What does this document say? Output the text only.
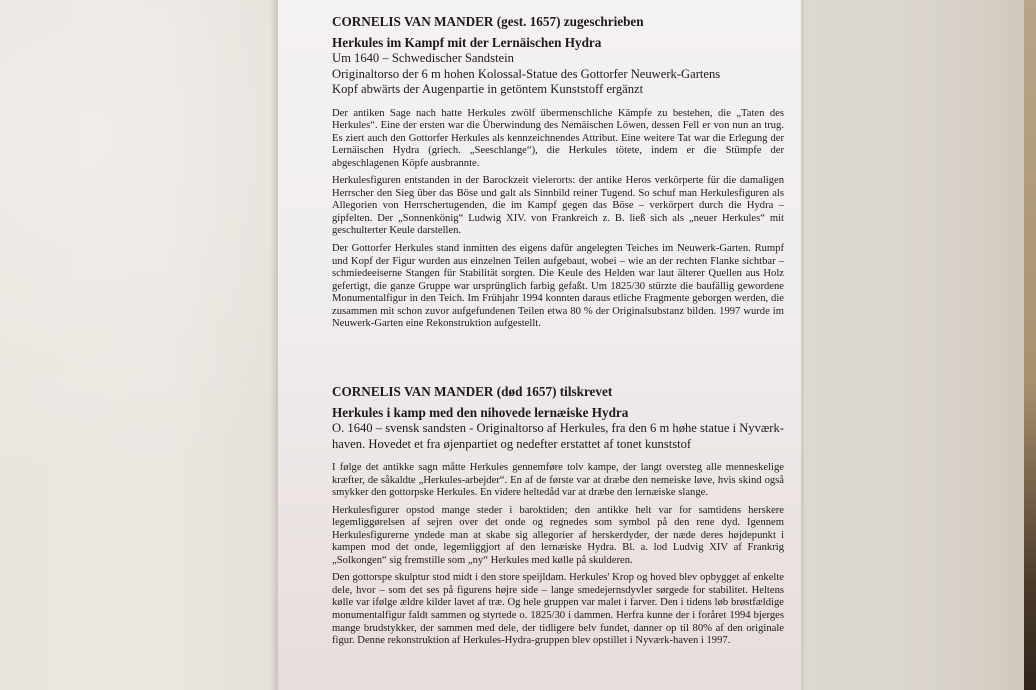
CORNELIS VAN MANDER (gest. 1657) zugeschrieben
Herkules im Kampf mit der Lernäischen Hydra
Um 1640 – Schwedischer Sandstein
Originaltorso der 6 m hohen Kolossal-Statue des Gottorfer Neuwerk-Gartens
Kopf abwärts der Augenpartie in getöntem Kunststoff ergänzt

Der antiken Sage nach hatte Herkules zwölf übermenschliche Kämpfe zu bestehen, die „Taten des Herkules“. Eine der ersten war die Überwindung des Nemäischen Löwen, dessen Fell er von nun an trug. Es ziert auch den Gottorfer Herkules als kennzeichnendes Attribut. Eine weitere Tat war die Erlegung der Lernäischen Hydra (griech. „Seeschlange“), die Herkules tötete, indem er die Stümpfe der abgeschlagenen Köpfe ausbrannte.

Herkulesfiguren entstanden in der Barockzeit vielerorts: der antike Heros verkörperte für die damaligen Herrscher den Sieg über das Böse und galt als Sinnbild reiner Tugend. So schuf man Herkulesfiguren als Allegorien von Herrschertugenden, die im Kampf gegen das Böse – verkörpert durch die Hydra – gipfelten. Der „Sonnenkönig“ Ludwig XIV. von Frankreich z. B. ließ sich als „neuer Herkules“ mit geschulterter Keule darstellen.

Der Gottorfer Herkules stand inmitten des eigens dafür angelegten Teiches im Neuwerk-Garten. Rumpf und Kopf der Figur wurden aus einzelnen Teilen aufgebaut, wobei – wie an der rechten Flanke sichtbar – schmiedeeiserne Stangen für Stabilität sorgten. Die Keule des Helden war laut älterer Quellen aus Holz gefertigt, die ganze Gruppe war ursprünglich farbig gefaßt. Um 1825/30 stürzte die baufällig gewordene Monumentalfigur in den Teich. Im Frühjahr 1994 konnten daraus etliche Fragmente geborgen werden, die zusammen mit schon zuvor aufgefundenen Teilen etwa 80 % der Originalsubstanz bilden. 1997 wurde im Neuwerk-Garten eine Rekonstruktion aufgestellt.

CORNELIS VAN MANDER (død 1657) tilskrevet
Herkules i kamp med den nihovede lernæiske Hydra
O. 1640 – svensk sandsten - Originaltorso af Herkules, fra den 6 m høhe statue i Nyværk-haven. Hovedet et fra øjenpartiet og nedefter erstattet af tonet kunststof

I følge det antikke sagn måtte Herkules gennemføre tolv kampe, der langt oversteg alle menneskelige kræfter, de såkaldte „Herkules-arbejder“. En af de første var at dræbe den nemeiske løve, hvis skind også smykker den gottorpske Herkules. En videre heltedåd var at dræbe den lernæiske slange.

Herkulesfigurer opstod mange steder i baroktiden; den antikke helt var for samtidens herskere legemliggørelsen af sejren over det onde og regnedes som symbol på den rene dyd. Igennem Herkulesfigurerne yndede man at skabe sig allegorier af herskerdyder, der næde deres højdepunkt i kampen mod det onde, legemliggjort af den lernæiske Hydra. Bl. a. lod Ludvig XIV af Frankrig „Solkongen“ sig fremstille som „ny“ Herkules med kølle på skulderen.

Den gottorspe skulptur stod midt i den store speijldam. Herkules' Krop og hoved blev opbygget af enkelte dele, hvor – som det ses på figurens højre side – lange smedejernsdyvler sørgede for stabilitet. Heltens kølle var ifølge ældre kilder lavet af træ. Og hele gruppen var malet i farver. Den i tidens løb brøstfældige monumentalfigur faldt sammen og styrtede o. 1825/30 i dammen. Herfra kunne der i foråret 1994 bjerges mange brudstykker, der sammen med dele, der tidligere belv fundet, danner op til 80% af den originale figur. Denne rekonstruktion af Herkules-Hydra-gruppen blev opstillet i Nyværk-haven i 1997.
